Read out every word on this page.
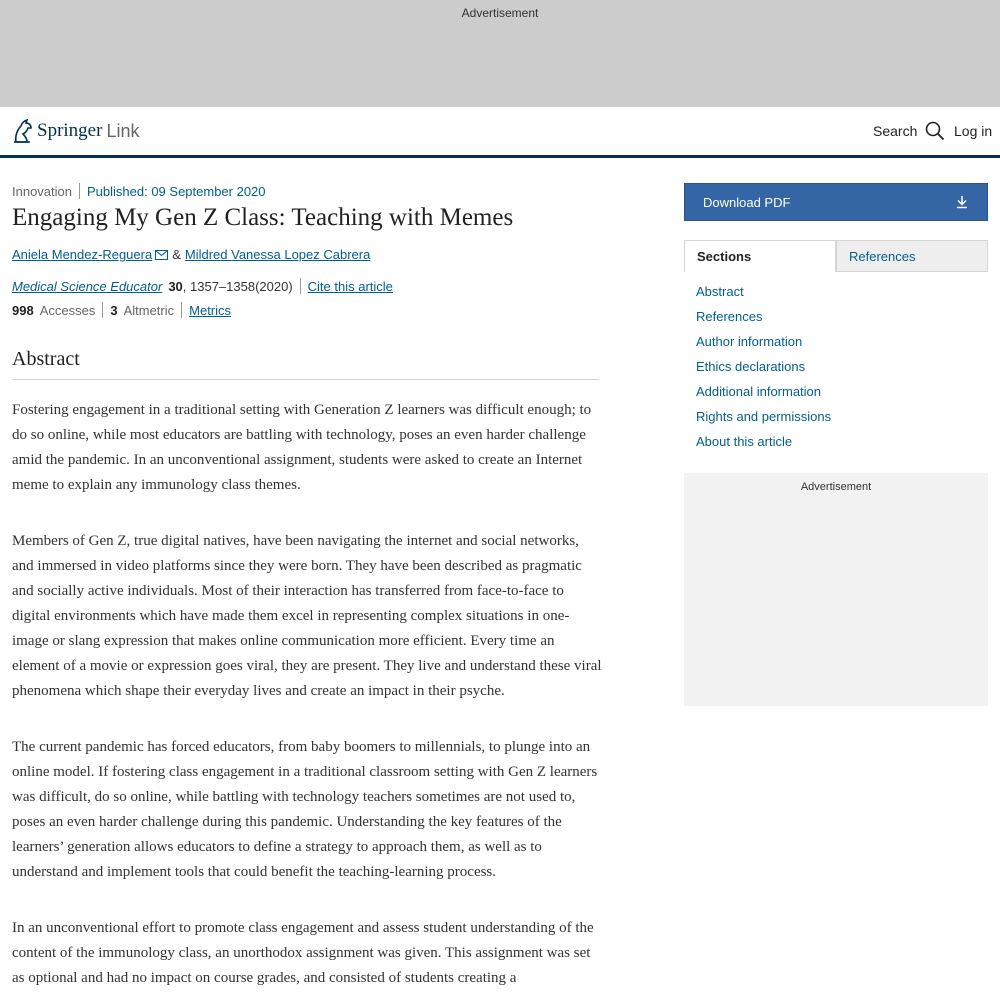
Advertisement
Springer Link	Search	Log in
Innovation Published: 09 September 2020
Engaging My Gen Z Class: Teaching with Memes
Aniela Mendez-Reguera & Mildred Vanessa Lopez Cabrera
Medical Science Educator 30 , 1357–1358(2020) Cite this article
998 Accesses 3 Altmetric Metrics
Abstract

Fostering engagement in a traditional setting with Generation Z learners was difficult enough; to do so online, while most educators are battling with technology, poses an even harder challenge amid the pandemic. In an unconventional assignment, students were asked to create an Internet meme to explain any immunology class themes.

Members of Gen Z, true digital natives, have been navigating the internet and social networks, and immersed in video platforms since they were born. They have been described as pragmatic and socially active individuals. Most of their interaction has transferred from face-to-face to digital environments which have made them excel in representing complex situations in one-image or slang expression that makes online communication more efficient. Every time an element of a movie or expression goes viral, they are present. They live and understand these viral phenomena which shape their everyday lives and create an impact in their psyche.

The current pandemic has forced educators, from baby boomers to millennials, to plunge into an online model. If fostering class engagement in a traditional classroom setting with Gen Z learners was difficult, do so online, while battling with technology teachers sometimes are not used to, poses an even harder challenge during this pandemic. Understanding the key features of the learners’ generation allows educators to define a strategy to approach them, as well as to understand and implement tools that could benefit the teaching-learning process.

In an unconventional effort to promote class engagement and assess student understanding of the content of the immunology class, an unorthodox assignment was given. This assignment was set as optional and had no impact on course grades, and consisted of students creating a

Download PDF
Sections	References
Abstract
References
Author information
Ethics declarations
Additional information
Rights and permissions
About this article
Advertisement
